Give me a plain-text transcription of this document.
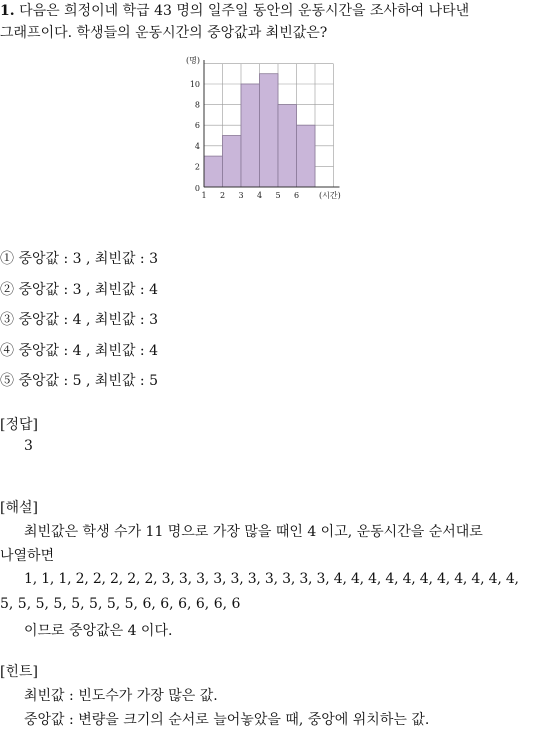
1. 다음은 희정이네 학급 43 명의 일주일 동안의 운동시간을 조사하여 나타낸
그래프이다. 학생들의 운동시간의 중앙값과 최빈값은?
2
4
6
8
10
0
(명)
1 2 3 4 5 6 (시간)
① 중앙값 : 3 , 최빈값 : 3
② 중앙값 : 3 , 최빈값 : 4
③ 중앙값 : 4 , 최빈값 : 3
④ 중앙값 : 4 , 최빈값 : 4
⑤ 중앙값 : 5 , 최빈값 : 5
[정답]
3
[해설]
최빈값은 학생 수가 11 명으로 가장 많을 때인 4 이고, 운동시간을 순서대로
나열하면
1, 1, 1, 2, 2, 2, 2, 2, 3, 3, 3, 3, 3, 3, 3, 3, 3, 3, 4, 4, 4, 4, 4, 4, 4, 4, 4, 4, 4,
5, 5, 5, 5, 5, 5, 5, 5, 6, 6, 6, 6, 6, 6
이므로 중앙값은 4 이다.
[힌트]
최빈값 : 빈도수가 가장 많은 값.
중앙값 : 변량을 크기의 순서로 늘어놓았을 때, 중앙에 위치하는 값.
